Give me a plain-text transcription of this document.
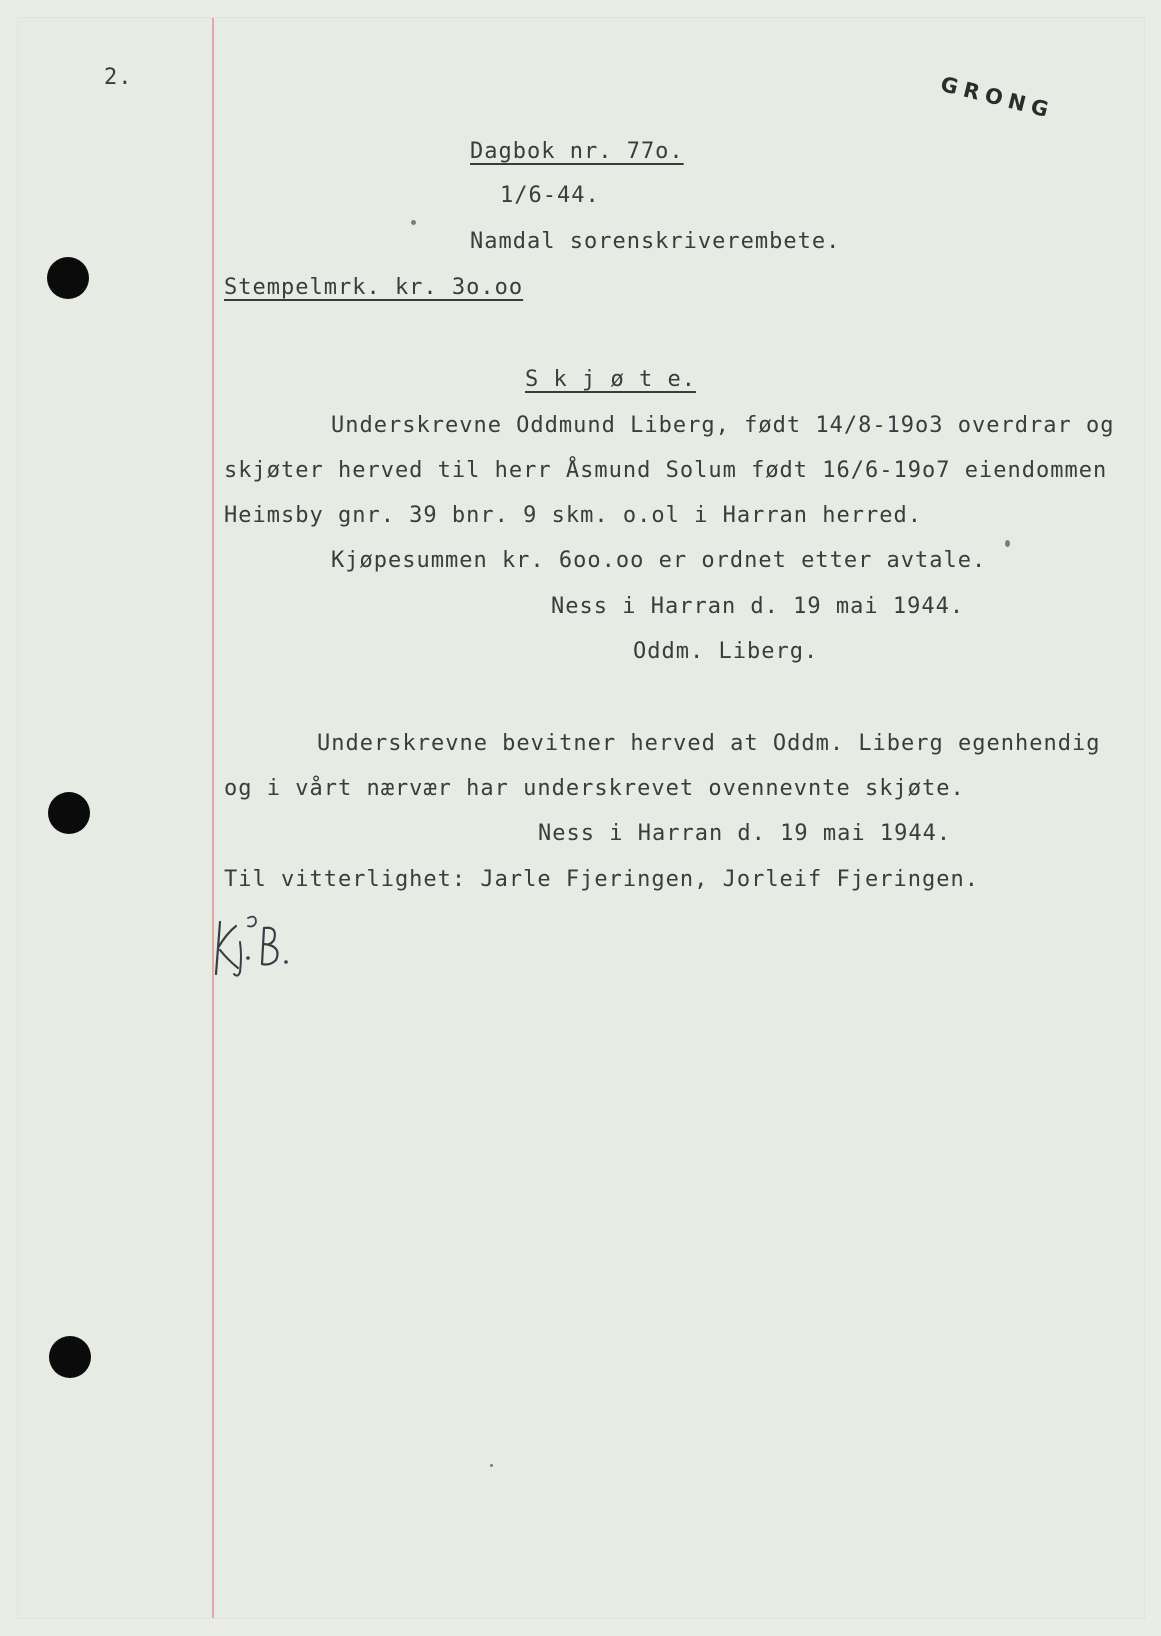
2.	GRONG
Dagbok nr. 77o.
1/6-44.
Namdal sorenskriverembete.
Stempelmrk. kr. 3o.oo
S k j ø t e.
Underskrevne Oddmund Liberg, født 14/8-19o3 overdrar og
skjøter herved til herr Åsmund Solum født 16/6-19o7 eiendommen
Heimsby gnr. 39 bnr. 9 skm. o.ol i Harran herred.
Kjøpesummen kr. 6oo.oo er ordnet etter avtale.
Ness i Harran d. 19 mai 1944.
Oddm. Liberg.
Underskrevne bevitner herved at Oddm. Liberg egenhendig
og i vårt nærvær har underskrevet ovennevnte skjøte.
Ness i Harran d. 19 mai 1944.
Til vitterlighet: Jarle Fjeringen, Jorleif Fjeringen.
